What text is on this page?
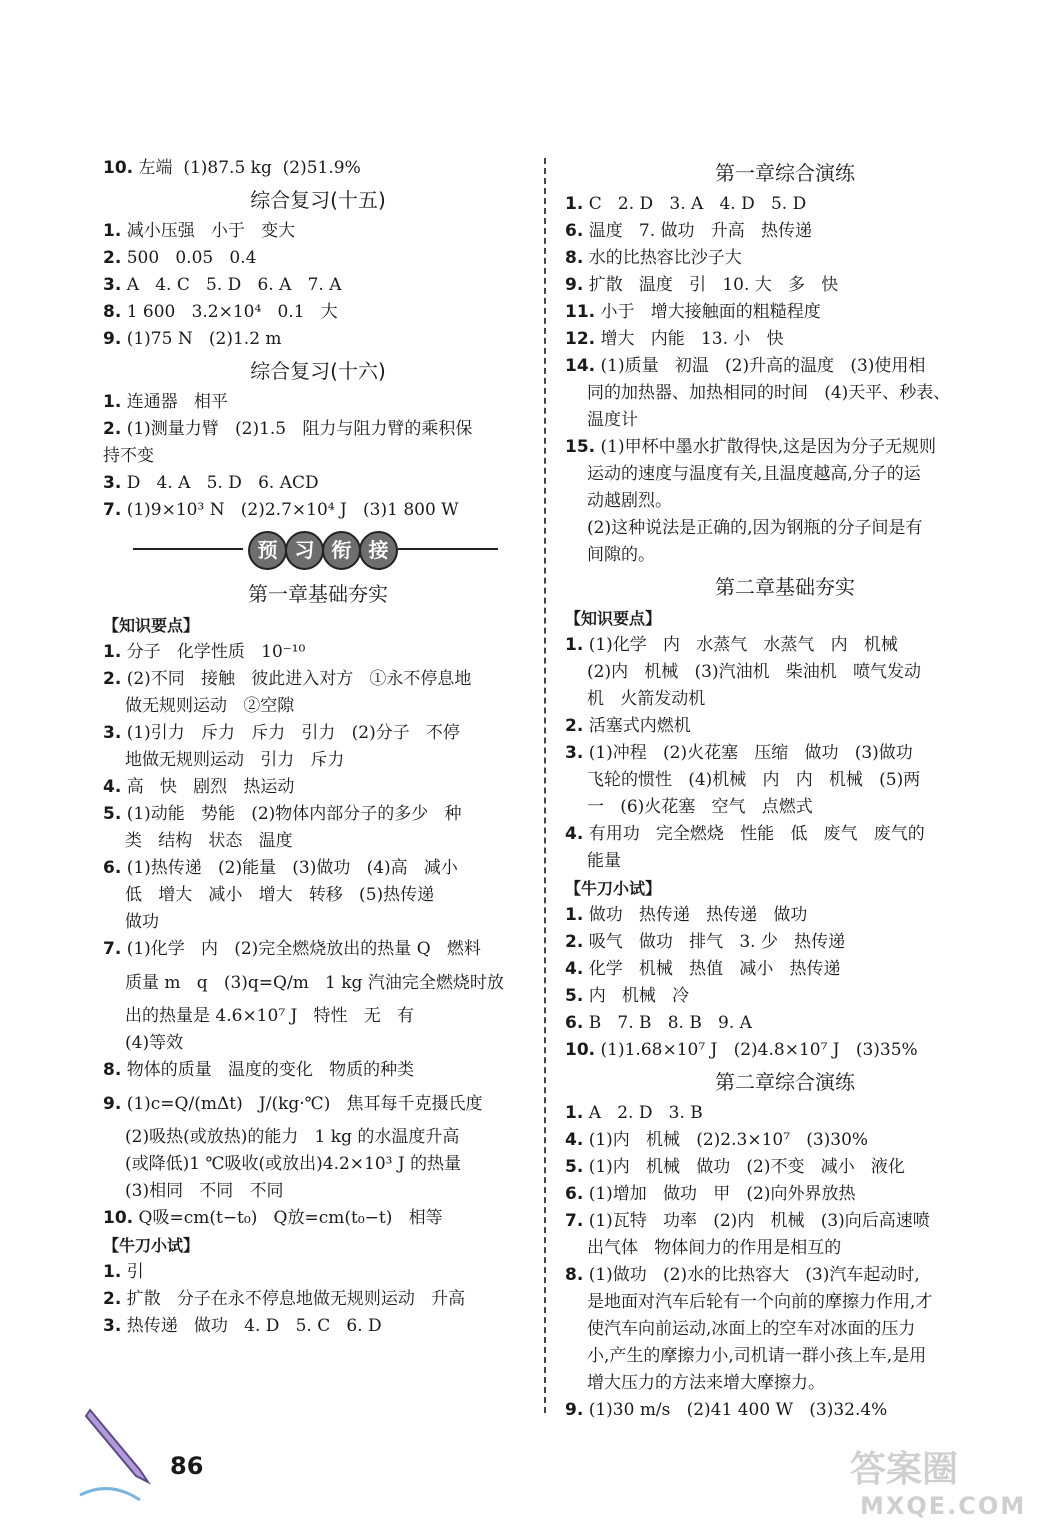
10. 左端  (1)87.5 kg  (2)51.9%
综合复习(十五)
1. 减小压强   小于   变大
2. 500   0.05   0.4
3. A   4. C   5. D   6. A   7. A
8. 1 600   3.2×10⁴   0.1   大
9. (1)75 N   (2)1.2 m
综合复习(十六)
1. 连通器   相平
2. (1)测量力臂   (2)1.5   阻力与阻力臂的乘积保
持不变
3. D   4. A   5. D   6. ACD
7. (1)9×10³ N   (2)2.7×10⁴ J   (3)1 800 W
预 习 衔 接
第一章基础夯实
【知识要点】
1. 分子   化学性质   10⁻¹⁰
2. (2)不同   接触   彼此进入对方   ①永不停息地
做无规则运动   ②空隙
3. (1)引力   斥力   斥力   引力   (2)分子   不停
地做无规则运动   引力   斥力
4. 高   快   剧烈   热运动
5. (1)动能   势能   (2)物体内部分子的多少   种
类   结构   状态   温度
6. (1)热传递   (2)能量   (3)做功   (4)高   减小
低   增大   减小   增大   转移   (5)热传递
做功
7. (1)化学   内   (2)完全燃烧放出的热量 Q   燃料
质量 m   q   (3)q=Q/m   1 kg 汽油完全燃烧时放
出的热量是 4.6×10⁷ J   特性   无   有
(4)等效
8. 物体的质量   温度的变化   物质的种类
9. (1)c=Q/(mΔt)   J/(kg·℃)   焦耳每千克摄氏度
(2)吸热(或放热)的能力   1 kg 的水温度升高
(或降低)1 ℃吸收(或放出)4.2×10³ J 的热量
(3)相同   不同   不同
10. Q吸=cm(t−t₀)   Q放=cm(t₀−t)   相等
【牛刀小试】
1. 引
2. 扩散   分子在永不停息地做无规则运动   升高
3. 热传递   做功   4. D   5. C   6. D
第一章综合演练
1. C   2. D   3. A   4. D   5. D
6. 温度   7. 做功   升高   热传递
8. 水的比热容比沙子大
9. 扩散   温度   引   10. 大   多   快
11. 小于   增大接触面的粗糙程度
12. 增大   内能   13. 小   快
14. (1)质量   初温   (2)升高的温度   (3)使用相
同的加热器、加热相同的时间   (4)天平、秒表、
温度计
15. (1)甲杯中墨水扩散得快,这是因为分子无规则
运动的速度与温度有关,且温度越高,分子的运
动越剧烈。
(2)这种说法是正确的,因为钢瓶的分子间是有
间隙的。
第二章基础夯实
【知识要点】
1. (1)化学   内   水蒸气   水蒸气   内   机械
(2)内   机械   (3)汽油机   柴油机   喷气发动
机   火箭发动机
2. 活塞式内燃机
3. (1)冲程   (2)火花塞   压缩   做功   (3)做功
飞轮的惯性   (4)机械   内   内   机械   (5)两
一   (6)火花塞   空气   点燃式
4. 有用功   完全燃烧   性能   低   废气   废气的
能量
【牛刀小试】
1. 做功   热传递   热传递   做功
2. 吸气   做功   排气   3. 少   热传递
4. 化学   机械   热值   减小   热传递
5. 内   机械   冷
6. B   7. B   8. B   9. A
10. (1)1.68×10⁷ J   (2)4.8×10⁷ J   (3)35%
第二章综合演练
1. A   2. D   3. B
4. (1)内   机械   (2)2.3×10⁷   (3)30%
5. (1)内   机械   做功   (2)不变   减小   液化
6. (1)增加   做功   甲   (2)向外界放热
7. (1)瓦特   功率   (2)内   机械   (3)向后高速喷
出气体   物体间力的作用是相互的
8. (1)做功   (2)水的比热容大   (3)汽车起动时,
是地面对汽车后轮有一个向前的摩擦力作用,才
使汽车向前运动,冰面上的空车对冰面的压力
小,产生的摩擦力小,司机请一群小孩上车,是用
增大压力的方法来增大摩擦力。
9. (1)30 m/s   (2)41 400 W   (3)32.4%
86	答案圈
MXQE.COM
